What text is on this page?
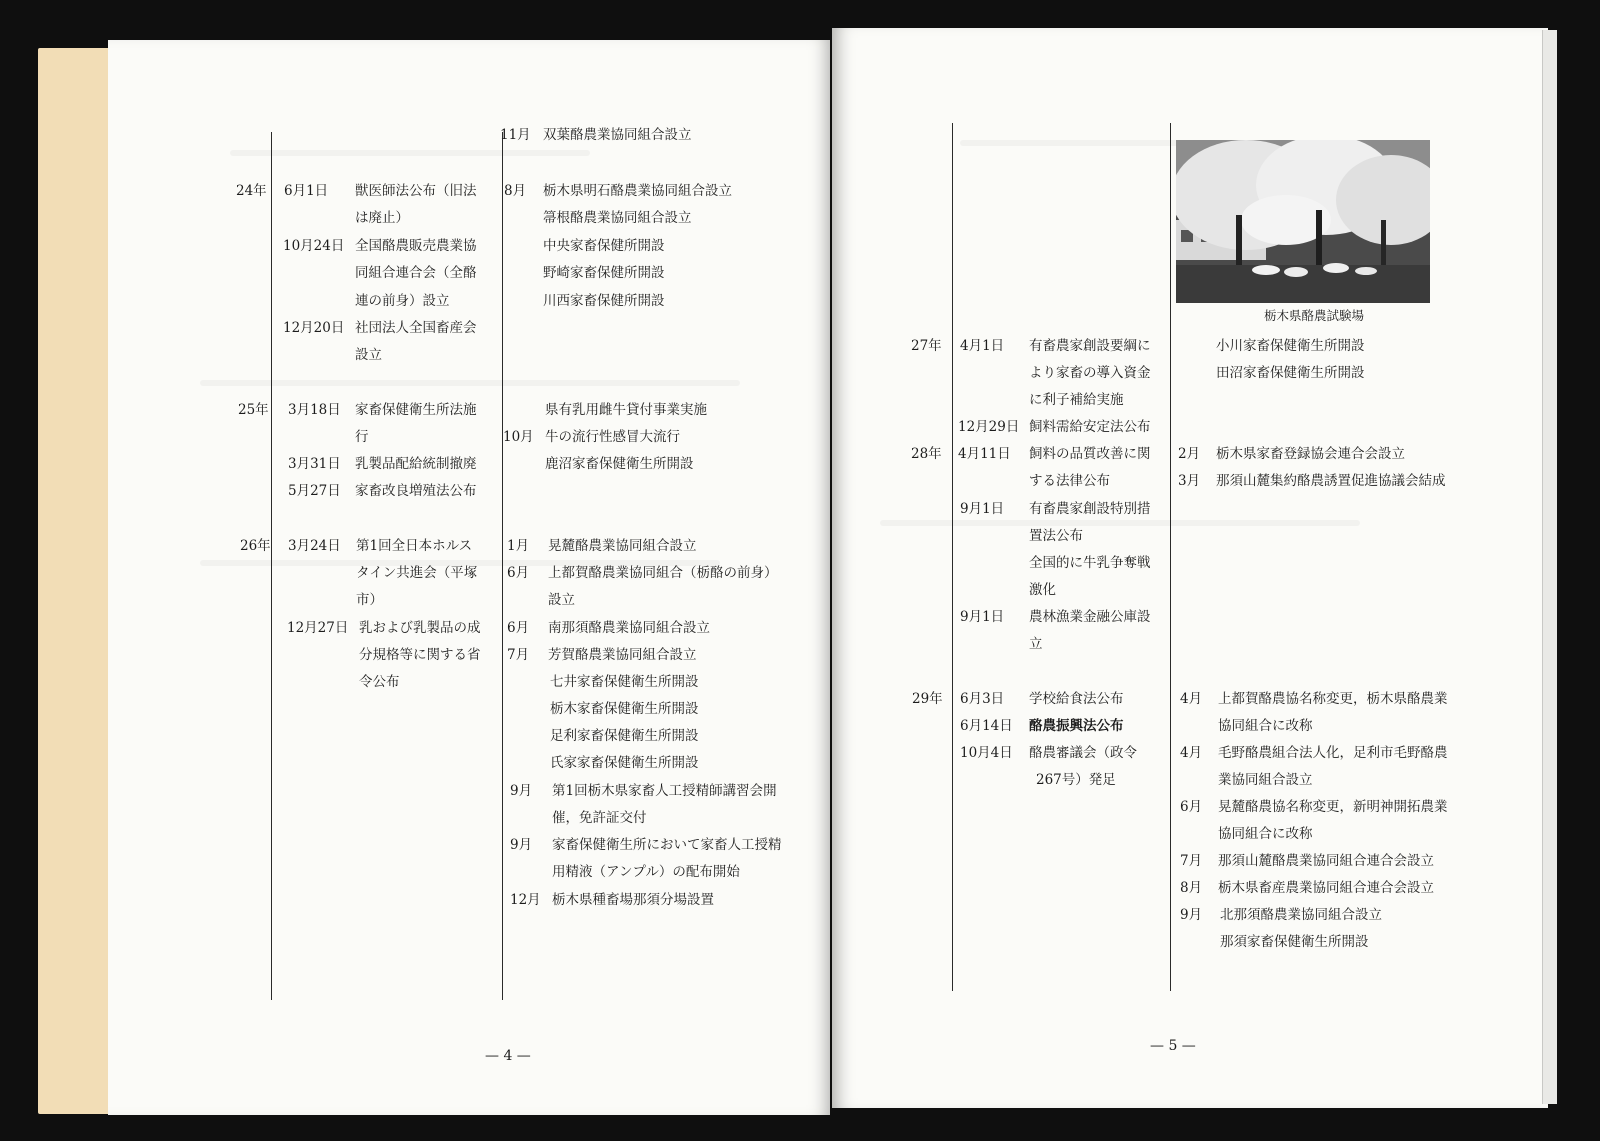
11月 双葉酪農業協同組合設立
24年 6月1日 獣医師法公布（旧法
は廃止）
8月 栃木県明石酪農業協同組合設立
箒根酪農業協同組合設立
10月24日 全国酪農販売農業協
同組合連合会（全酪
連の前身）設立
中央家畜保健所開設
野崎家畜保健所開設
川西家畜保健所開設
12月20日 社団法人全国畜産会
設立
25年 3月18日 家畜保健衛生所法施
行
県有乳用雌牛貸付事業実施
10月 牛の流行性感冒大流行
鹿沼家畜保健衛生所開設
3月31日 乳製品配給統制撤廃
5月27日 家畜改良増殖法公布
26年 3月24日 第1回全日本ホルス
タイン共進会（平塚
市）
1月 晃麓酪農業協同組合設立
6月 上都賀酪農業協同組合（栃酪の前身）
設立
12月27日 乳および乳製品の成
分規格等に関する省
令公布
6月 南那須酪農業協同組合設立
7月 芳賀酪農業協同組合設立
七井家畜保健衛生所開設
栃木家畜保健衛生所開設
足利家畜保健衛生所開設
氏家家畜保健衛生所開設
9月 第1回栃木県家畜人工授精師講習会開
催，免許証交付
9月 家畜保健衛生所において家畜人工授精
用精液（アンプル）の配布開始
12月 栃木県種畜場那須分場設置
— 4 —
栃木県酪農試験場
27年 4月1日 有畜農家創設要綱に
より家畜の導入資金
に利子補給実施
小川家畜保健衛生所開設
田沼家畜保健衛生所開設
12月29日 飼料需給安定法公布
28年 4月11日 飼料の品質改善に関
する法律公布
2月 栃木県家畜登録協会連合会設立
3月 那須山麓集約酪農誘置促進協議会結成
9月1日 有畜農家創設特別措
置法公布
全国的に牛乳争奪戦
激化
9月1日 農林漁業金融公庫設
立
29年 6月3日 学校給食法公布	4月 上都賀酪農協名称変更，栃木県酪農業
協同組合に改称
6月14日 酪農振興法公布
10月4日 酪農審議会（政令
267号）発足
4月 毛野酪農組合法人化，足利市毛野酪農
業協同組合設立
6月 晃麓酪農協名称変更，新明神開拓農業
協同組合に改称
7月 那須山麓酪農業協同組合連合会設立
8月 栃木県畜産農業協同組合連合会設立
9月 北那須酪農業協同組合設立
那須家畜保健衛生所開設
— 5 —
